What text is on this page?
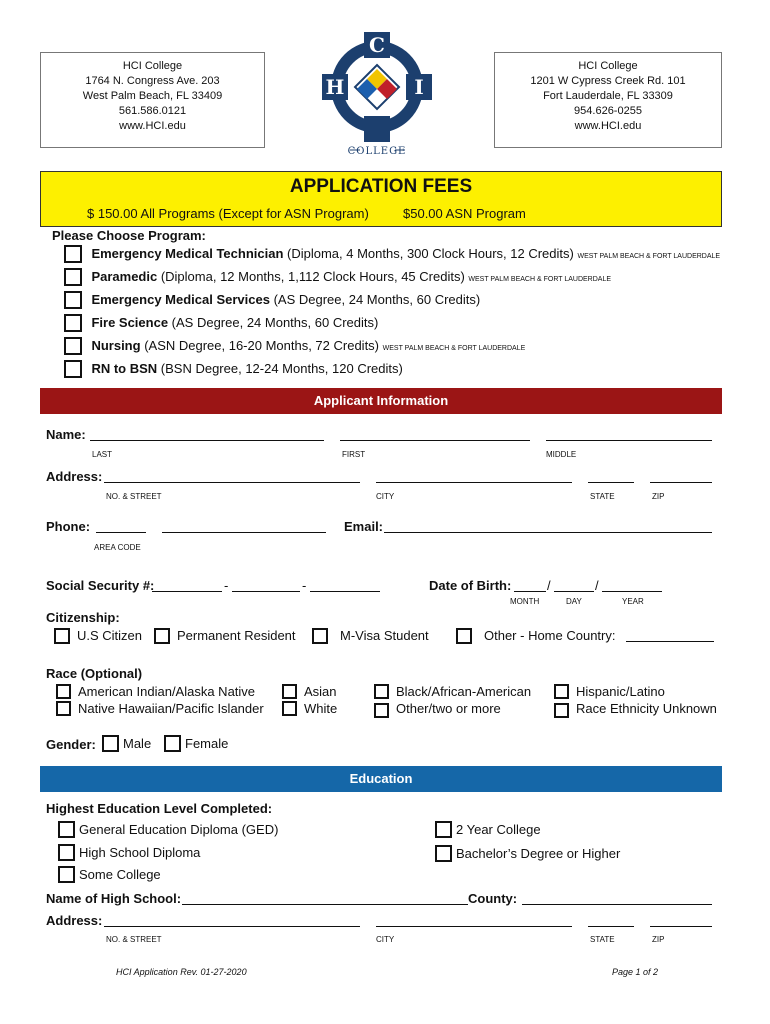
HCI College
1764 N. Congress Ave. 203
West Palm Beach, FL 33409
561.586.0121
www.HCI.edu
C
H	I
COLLEGE
HCI College
1201 W Cypress Creek Rd. 101
Fort Lauderdale, FL 33309
954.626-0255
www.HCI.edu
APPLICATION FEES
$ 150.00 All Programs (Except for ASN Program)	$50.00 ASN Program
Please Choose Program:
Emergency Medical Technician (Diploma, 4 Months, 300 Clock Hours, 12 Credits) WEST PALM BEACH & FORT LAUDERDALE
Paramedic (Diploma, 12 Months, 1,112 Clock Hours, 45 Credits) WEST PALM BEACH & FORT LAUDERDALE
Emergency Medical Services (AS Degree, 24 Months, 60 Credits)
Fire Science (AS Degree, 24 Months, 60 Credits)
Nursing (ASN Degree, 16-20 Months, 72 Credits) WEST PALM BEACH & FORT LAUDERDALE
RN to BSN (BSN Degree, 12-24 Months, 120 Credits)
Applicant Information
Name:
LAST	FIRST	MIDDLE
Address:
NO. & STREET	CITY	STATE	ZIP
Phone:
AREA CODE
Email:
Social Security #:	-	-	Date of Birth:	/	/
MONTH	DAY	YEAR
Citizenship:
U.S Citizen	Permanent Resident	M-Visa Student	Other - Home Country:
Race (Optional)
American Indian/Alaska Native
Native Hawaiian/Pacific Islander
Asian
White
Black/African-American
Other/two or more
Hispanic/Latino
Race Ethnicity Unknown
Gender:	Male	Female
Education
Highest Education Level Completed:
General Education Diploma (GED)
High School Diploma
Some College
2 Year College
Bachelor’s Degree or Higher
Name of High School:	County:
Address:
NO. & STREET	CITY	STATE	ZIP
HCI Application Rev. 01-27-2020	Page 1 of 2
